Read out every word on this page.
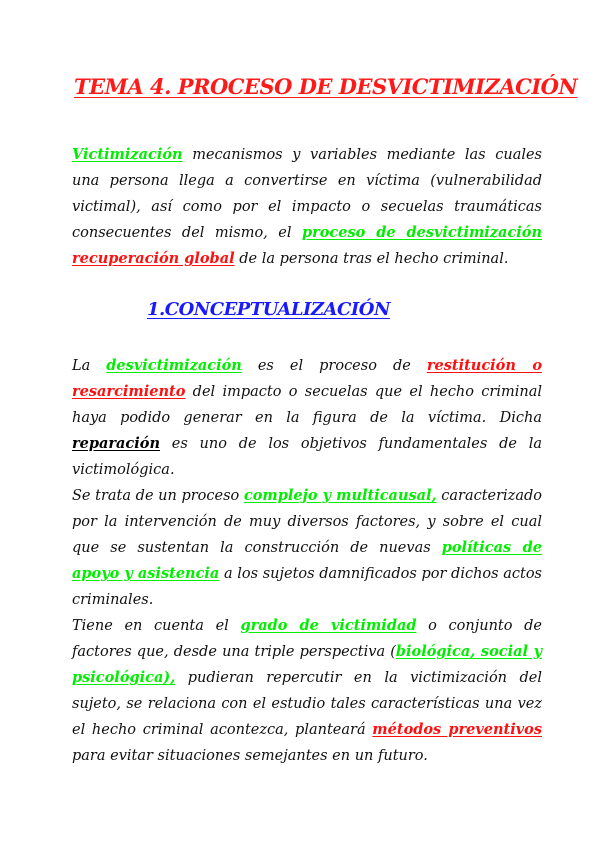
TEMA 4. PROCESO DE DESVICTIMIZACIÓN

Victimización mecanismos y variables mediante las cuales una persona llega a convertirse en víctima (vulnerabilidad victimal), así como por el impacto o secuelas traumáticas consecuentes del mismo, el proceso de desvictimización recuperación global de la persona tras el hecho criminal.

1.CONCEPTUALIZACIÓN

La desvictimización es el proceso de restitución o resarcimiento del impacto o secuelas que el hecho criminal haya podido generar en la figura de la víctima. Dicha reparación es uno de los objetivos fundamentales de la victimológica.

Se trata de un proceso complejo y multicausal, caracterizado por la intervención de muy diversos factores, y sobre el cual que se sustentan la construcción de nuevas políticas de apoyo y asistencia a los sujetos damnificados por dichos actos criminales.

Tiene en cuenta el grado de victimidad o conjunto de factores que, desde una triple perspectiva (biológica, social y psicológica), pudieran repercutir en la victimización del sujeto, se relaciona con el estudio tales características una vez el hecho criminal acontezca, planteará métodos preventivos para evitar situaciones semejantes en un futuro.
